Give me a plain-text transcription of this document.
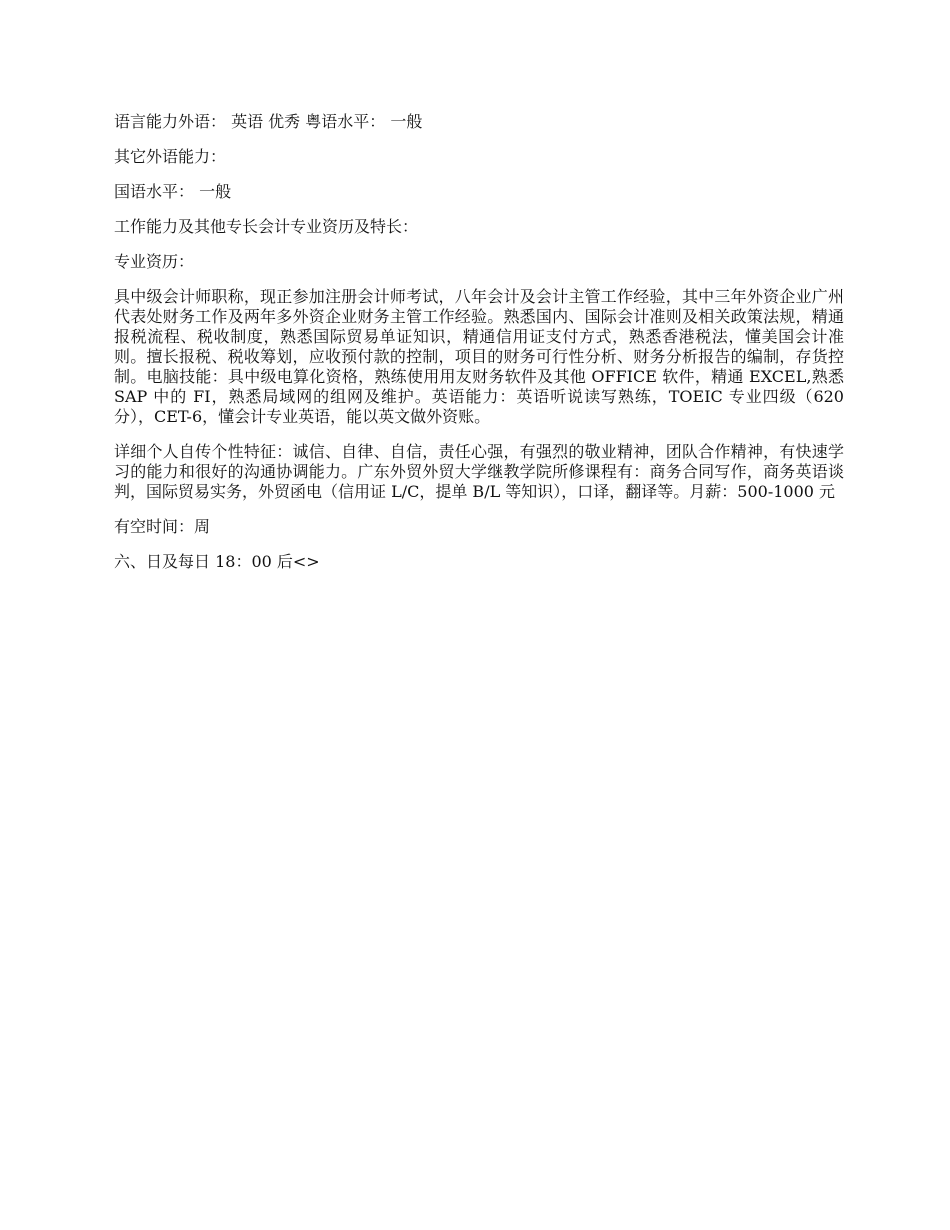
语言能力外语： 英语 优秀 粤语水平： 一般

其它外语能力：

国语水平： 一般

工作能力及其他专长会计专业资历及特长：

专业资历：

具中级会计师职称，现正参加注册会计师考试，八年会计及会计主管工作经验，其中三年外资企业广州代表处财务工作及两年多外资企业财务主管工作经验。熟悉国内、国际会计准则及相关政策法规，精通报税流程、税收制度，熟悉国际贸易单证知识，精通信用证支付方式，熟悉香港税法，懂美国会计准则。擅长报税、税收筹划，应收预付款的控制，项目的财务可行性分析、财务分析报告的编制，存货控制。电脑技能：具中级电算化资格，熟练使用用友财务软件及其他 OFFICE 软件，精通 EXCEL,熟悉 SAP 中的 FI，熟悉局域网的组网及维护。英语能力：英语听说读写熟练，TOEIC 专业四级（620 分），CET-6，懂会计专业英语，能以英文做外资账。

详细个人自传个性特征：诚信、自律、自信，责任心强，有强烈的敬业精神，团队合作精神，有快速学习的能力和很好的沟通协调能力。广东外贸外贸大学继教学院所修课程有：商务合同写作，商务英语谈判，国际贸易实务，外贸函电（信用证 L/C，提单 B/L 等知识），口译，翻译等。月薪：500-1000 元

有空时间：周

六、日及每日 18：00 后<>
